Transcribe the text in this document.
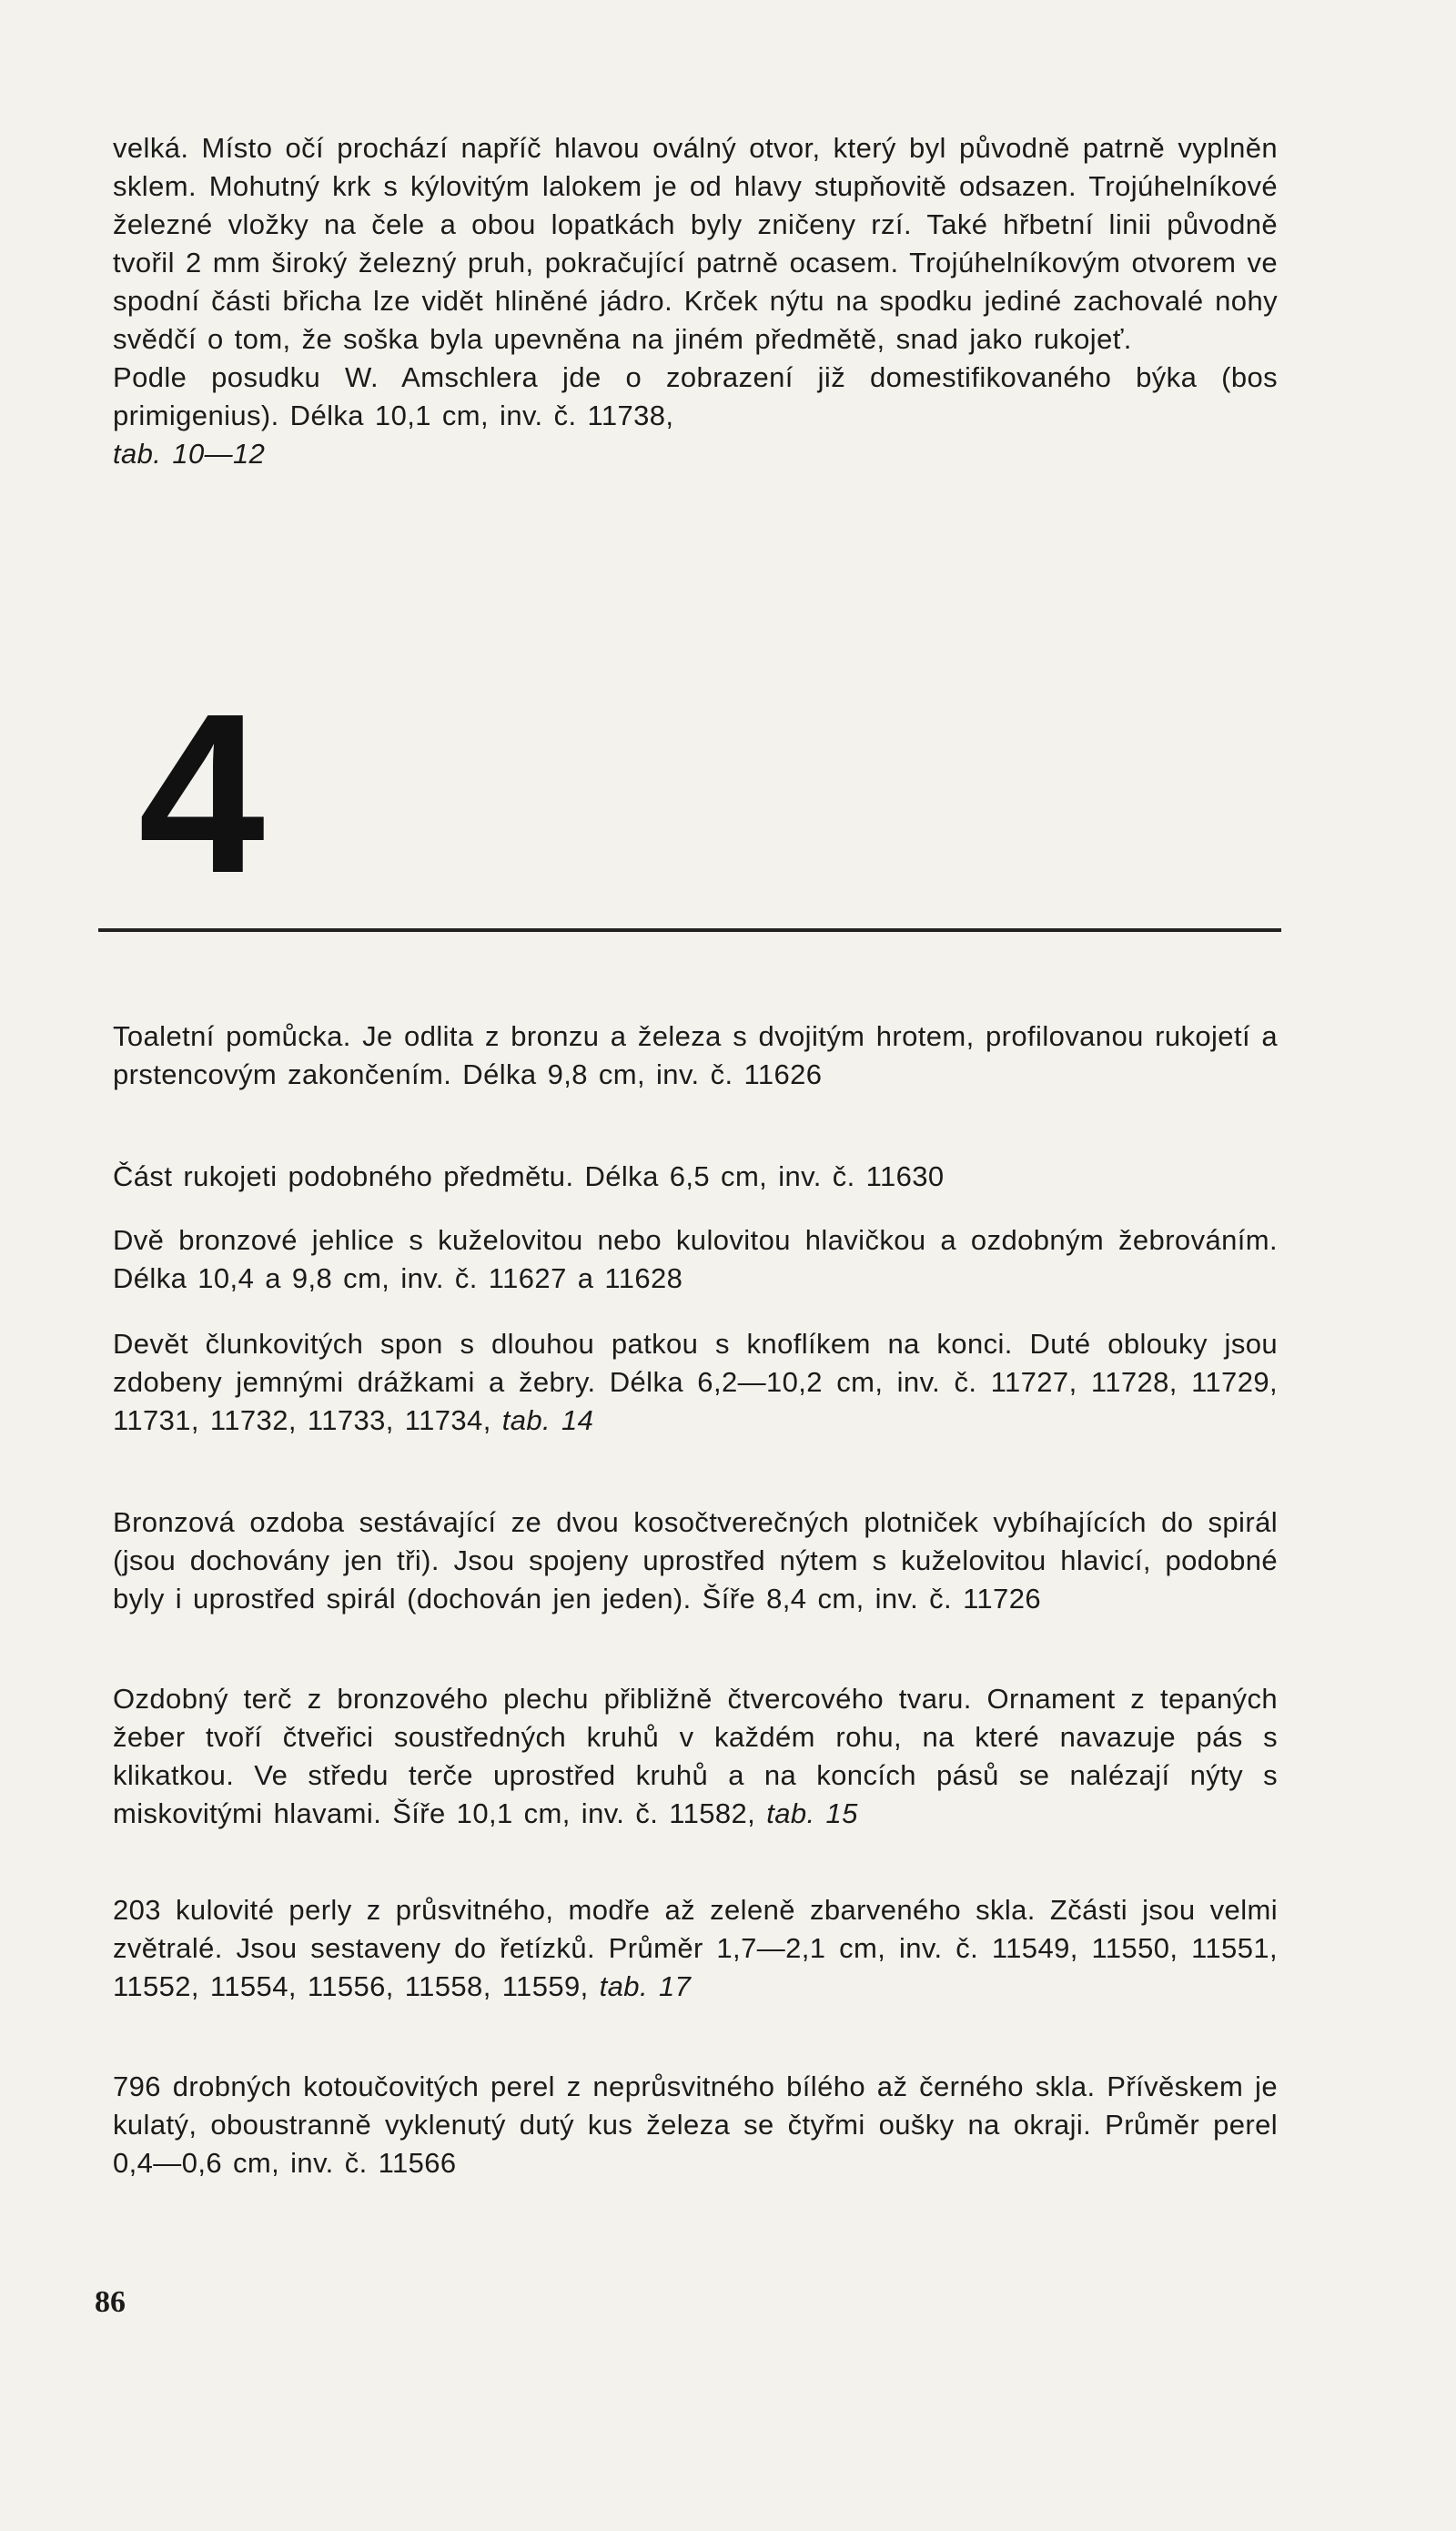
velká. Místo očí prochází napříč hlavou oválný otvor, který byl původně patrně vyplněn sklem. Mohutný krk s kýlovitým lalokem je od hlavy stupňovitě odsazen. Trojúhelníkové železné vložky na čele a obou lopatkách byly zničeny rzí. Také hřbetní linii původně tvořil 2 mm široký železný pruh, pokračující patrně ocasem. Trojúhelníkovým otvorem ve spodní části břicha lze vidět hliněné jádro. Krček nýtu na spodku jediné zachovalé nohy svědčí o tom, že soška byla upevněna na jiném předmětě, snad jako rukojeť.

Podle posudku W. Amschlera jde o zobrazení již domestifikovaného býka (bos primigenius). Délka 10,1 cm, inv. č. 11738,
tab. 10—12

4

Toaletní pomůcka. Je odlita z bronzu a železa s dvojitým hrotem, profilovanou rukojetí a prstencovým zakončením. Délka 9,8 cm, inv. č. 11626

Část rukojeti podobného předmětu. Délka 6,5 cm, inv. č. 11630

Dvě bronzové jehlice s kuželovitou nebo kulovitou hlavičkou a ozdobným žebrováním. Délka 10,4 a 9,8 cm, inv. č. 11627 a 11628

Devět člunkovitých spon s dlouhou patkou s knoflíkem na konci. Duté oblouky jsou zdobeny jemnými drážkami a žebry. Délka 6,2—10,2 cm, inv. č. 11727, 11728, 11729, 11731, 11732, 11733, 11734, tab. 14

Bronzová ozdoba sestávající ze dvou kosočtverečných plotniček vybíhajících do spirál (jsou dochovány jen tři). Jsou spojeny uprostřed nýtem s kuželovitou hlavicí, podobné byly i uprostřed spirál (dochován jen jeden). Šíře 8,4 cm, inv. č. 11726

Ozdobný terč z bronzového plechu přibližně čtvercového tvaru. Ornament z tepaných žeber tvoří čtveřici soustředných kruhů v každém rohu, na které navazuje pás s klikatkou. Ve středu terče uprostřed kruhů a na koncích pásů se nalézají nýty s miskovitými hlavami. Šíře 10,1 cm, inv. č. 11582, tab. 15

203 kulovité perly z průsvitného, modře až zeleně zbarveného skla. Zčásti jsou velmi zvětralé. Jsou sestaveny do řetízků. Průměr 1,7—2,1 cm, inv. č. 11549, 11550, 11551, 11552, 11554, 11556, 11558, 11559, tab. 17

796 drobných kotoučovitých perel z neprůsvitného bílého až černého skla. Přívěskem je kulatý, oboustranně vyklenutý dutý kus železa se čtyřmi oušky na okraji. Průměr perel 0,4—0,6 cm, inv. č. 11566

86
